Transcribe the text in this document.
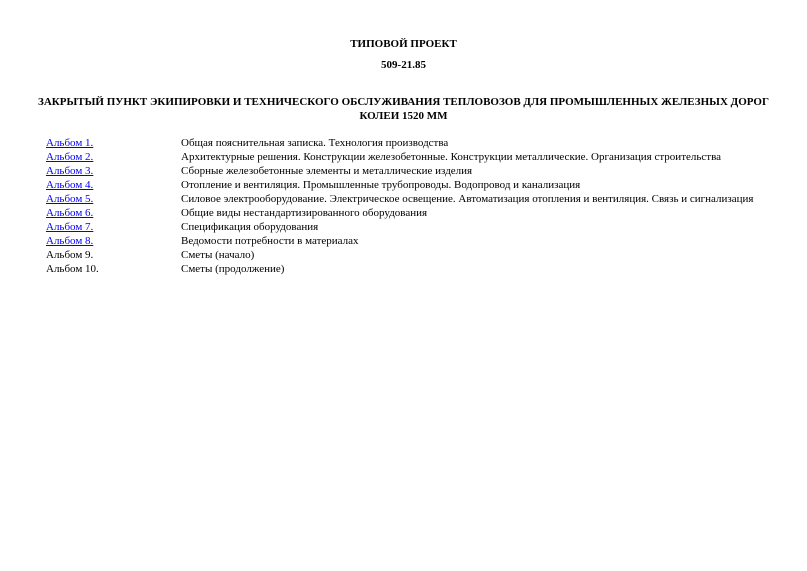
ТИПОВОЙ ПРОЕКТ
509-21.85
ЗАКРЫТЫЙ ПУНКТ ЭКИПИРОВКИ И ТЕХНИЧЕСКОГО ОБСЛУЖИВАНИЯ ТЕПЛОВОЗОВ ДЛЯ ПРОМЫШЛЕННЫХ ЖЕЛЕЗНЫХ ДОРОГ
КОЛЕИ 1520 ММ
Альбом 1.	Общая пояснительная записка. Технология производства
Альбом 2.	Архитектурные решения. Конструкции железобетонные. Конструкции металлические. Организация строительства
Альбом 3.	Сборные железобетонные элементы и металлические изделия
Альбом 4.	Отопление и вентиляция. Промышленные трубопроводы. Водопровод и канализация
Альбом 5.	Силовое электрооборудование. Электрическое освещение. Автоматизация отопления и вентиляция. Связь и сигнализация
Альбом 6.	Общие виды нестандартизированного оборудования
Альбом 7.	Спецификация оборудования
Альбом 8.	Ведомости потребности в материалах
Альбом 9.	Сметы (начало)
Альбом 10.	Сметы (продолжение)
